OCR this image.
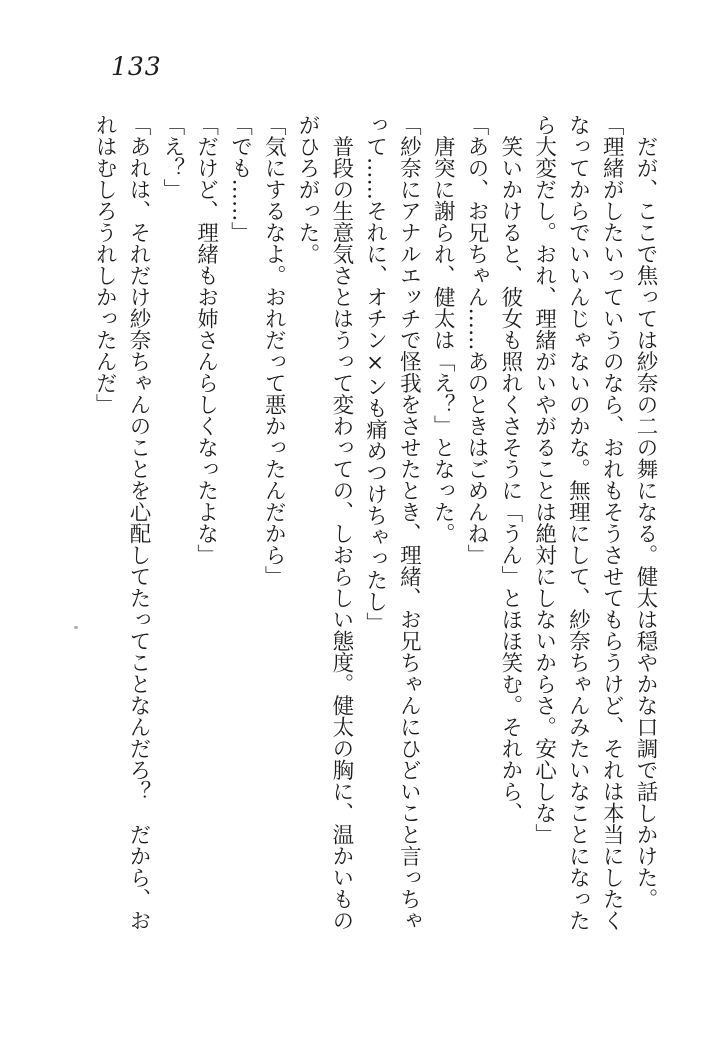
133
　だが、ここで焦っては紗奈の二の舞になる。健太は穏やかな口調で話しかけた。
「理緒がしたいっていうのなら、おれもそうさせてもらうけど、それは本当にしたく
なってからでいいんじゃないのかな。無理にして、紗奈ちゃんみたいなことになった
ら大変だし。おれ、理緒がいやがることは絶対にしないからさ。安心しな」
　笑いかけると、彼女も照れくさそうに「うん」とほほ笑む。それから、
「あの、お兄ちゃん……あのときはごめんね」
　唐突に謝られ、健太は「え？」となった。
「紗奈にアナルエッチで怪我をさせたとき、理緒、お兄ちゃんにひどいこと言っちゃ
って……それに、オチン×ンも痛めつけちゃったし」
　普段の生意気さとはうって変わっての、しおらしい態度。健太の胸に、温かいもの
がひろがった。
「気にするなよ。おれだって悪かったんだから」
「でも……」
「だけど、理緒もお姉さんらしくなったよな」
「え？」
「あれは、それだけ紗奈ちゃんのことを心配してたってことなんだろ？　だから、お
れはむしろうれしかったんだ」
